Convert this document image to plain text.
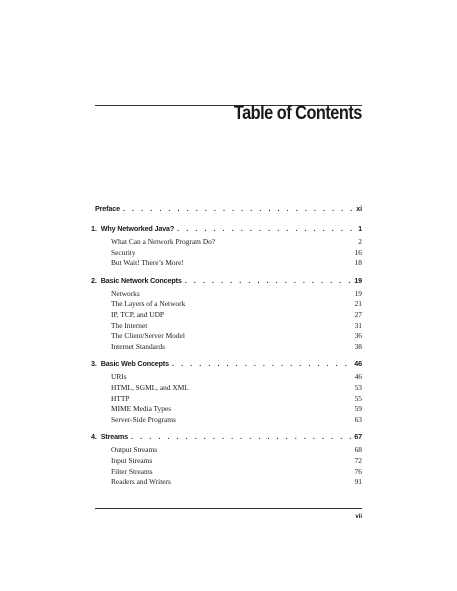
Table of Contents
Preface . . .	xi
1. Why Networked Java? . . .	1
What Can a Network Program Do?	2
Security	16
But Wait! There’s More!	18
2. Basic Network Concepts . . .	19
Networks	19
The Layers of a Network	21
IP, TCP, and UDP	27
The Internet	31
The Client/Server Model	36
Internet Standards	38
3. Basic Web Concepts . . .	46
URIs	46
HTML, SGML, and XML	53
HTTP	55
MIME Media Types	59
Server-Side Programs	63
4. Streams . . .	67
Output Streams	68
Input Streams	72
Filter Streams	76
Readers and Writers	91
vii
